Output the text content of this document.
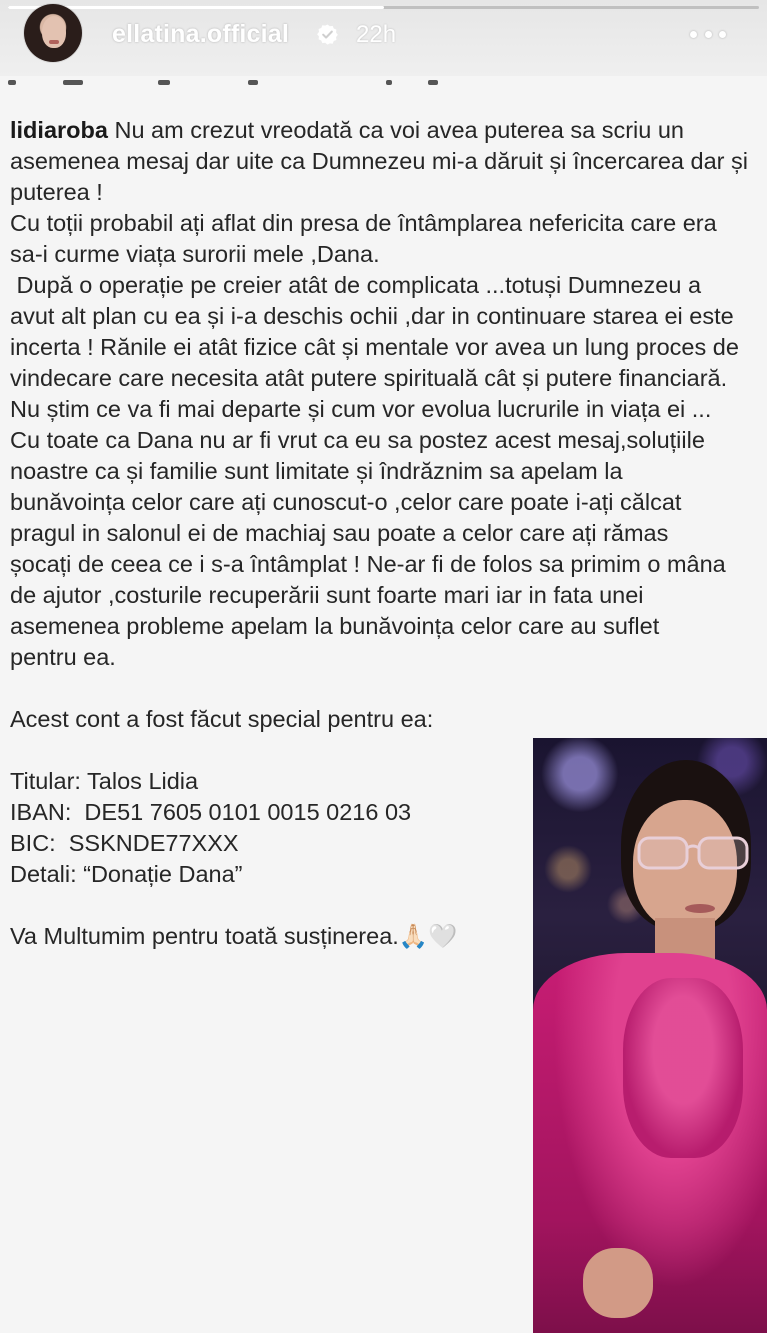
ellatina.official	22h

lidiaroba Nu am crezut vreodată ca voi avea puterea sa scriu un asemenea mesaj dar uite ca Dumnezeu mi-a dăruit și încercarea dar și puterea !

Cu toții probabil ați aflat din presa de întâmplarea nefericita care era sa-i curme viața surorii mele ,Dana.

După o operație pe creier atât de complicata ...totuși Dumnezeu a avut alt plan cu ea și i-a deschis ochii ,dar in continuare starea ei este incerta ! Rănile ei atât fizice cât și mentale vor avea un lung proces de vindecare care necesita atât putere spirituală cât și putere financiară.

Nu știm ce va fi mai departe și cum vor evolua lucrurile in viața ei ...

Cu toate ca Dana nu ar fi vrut ca eu sa postez acest mesaj,soluțiile noastre ca și familie sunt limitate și îndrăznim sa apelam la bunăvoința celor care ați cunoscut-o ,celor care poate i-ați călcat pragul in salonul ei de machiaj sau poate a celor care ați rămas șocați de ceea ce i s-a întâmplat ! Ne-ar fi de folos sa primim o mâna de ajutor ,costurile recuperării sunt foarte mari iar in fata unei asemenea probleme apelam la bunăvoința celor care au suflet pentru ea.

Acest cont a fost făcut special pentru ea:

Titular: Talos Lidia

IBAN:  DE51 7605 0101 0015 0216 03

BIC:  SSKNDE77XXX

Detali: “Donație Dana”

Va Multumim pentru toată susținerea.🙏🏻🤍
